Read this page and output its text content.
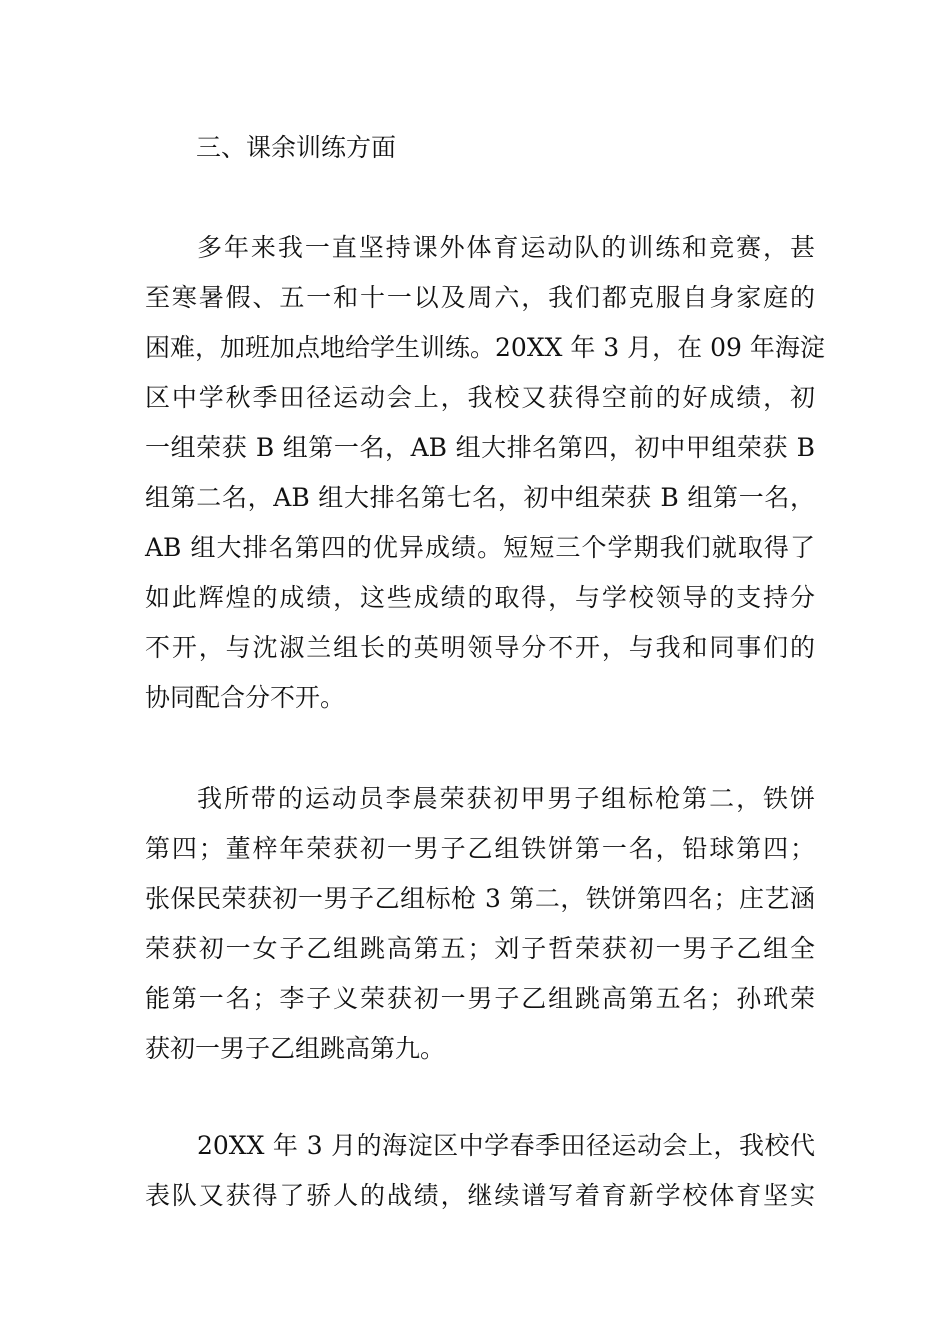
三、课余训练方面
多年来我一直坚持课外体育运动队的训练和竞赛，甚
至寒暑假、五一和十一以及周六，我们都克服自身家庭的
困难，加班加点地给学生训练。20XX 年 3 月，在 09 年海淀
区中学秋季田径运动会上，我校又获得空前的好成绩，初
一组荣获 B 组第一名，AB 组大排名第四，初中甲组荣获 B
组第二名，AB 组大排名第七名，初中组荣获 B 组第一名，
AB 组大排名第四的优异成绩。短短三个学期我们就取得了
如此辉煌的成绩，这些成绩的取得，与学校领导的支持分
不开，与沈淑兰组长的英明领导分不开，与我和同事们的
协同配合分不开。
我所带的运动员李晨荣获初甲男子组标枪第二，铁饼
第四；董梓年荣获初一男子乙组铁饼第一名，铅球第四；
张保民荣获初一男子乙组标枪 3 第二，铁饼第四名；庄艺涵
荣获初一女子乙组跳高第五；刘子哲荣获初一男子乙组全
能第一名；李子义荣获初一男子乙组跳高第五名；孙玳荣
获初一男子乙组跳高第九。
20XX 年 3 月的海淀区中学春季田径运动会上，我校代
表队又获得了骄人的战绩，继续谱写着育新学校体育坚实
